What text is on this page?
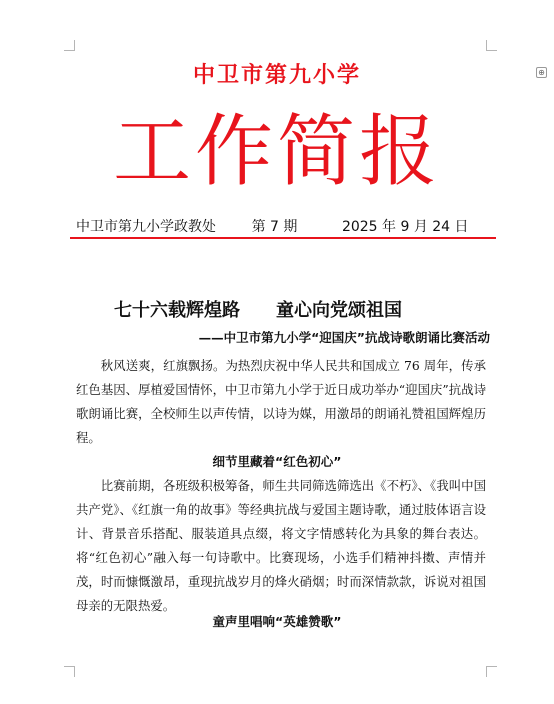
⊕
中卫市第九小学
工作简报
中卫市第九小学政教处	第 7 期	2025 年 9 月 24 日
七十六载辉煌路　　童心向党颂祖国
——中卫市第九小学“迎国庆”抗战诗歌朗诵比赛活动
秋风送爽，红旗飘扬。为热烈庆祝中华人民共和国成立 76 周年，传承红色基因、厚植爱国情怀，中卫市第九小学于近日成功举办“迎国庆”抗战诗歌朗诵比赛，全校师生以声传情，以诗为媒，用激昂的朗诵礼赞祖国辉煌历程。
细节里藏着“红色初心”
比赛前期，各班级积极筹备，师生共同筛选筛选出《不朽》、《我叫中国共产党》、《红旗一角的故事》等经典抗战与爱国主题诗歌，通过肢体语言设计、背景音乐搭配、服装道具点缀，将文字情感转化为具象的舞台表达。将“红色初心”融入每一句诗歌中。比赛现场，小选手们精神抖擞、声情并茂，时而慷慨激昂，重现抗战岁月的烽火硝烟；时而深情款款，诉说对祖国母亲的无限热爱。
童声里唱响“英雄赞歌”
